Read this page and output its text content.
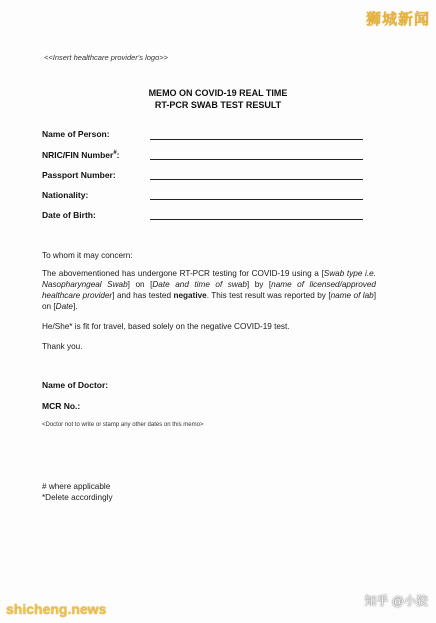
狮城新闻
<<Insert healthcare provider's logo>>
MEMO ON COVID-19 REAL TIME
RT-PCR SWAB TEST RESULT
Name of Person:
NRIC/FIN Number#:
Passport Number:
Nationality:
Date of Birth:
To whom it may concern:
The abovementioned has undergone RT-PCR testing for COVID-19 using a [Swab type i.e. Nasopharyngeal Swab] on [Date and time of swab] by [name of licensed/approved healthcare provider] and has tested negative. This test result was reported by [name of lab] on [Date].
He/She* is fit for travel, based solely on the negative COVID-19 test.
Thank you.
Name of Doctor:
MCR No.:
<Doctor not to write or stamp any other dates on this memo>
# where applicable
*Delete accordingly
shicheng.news	知乎 @小狡
